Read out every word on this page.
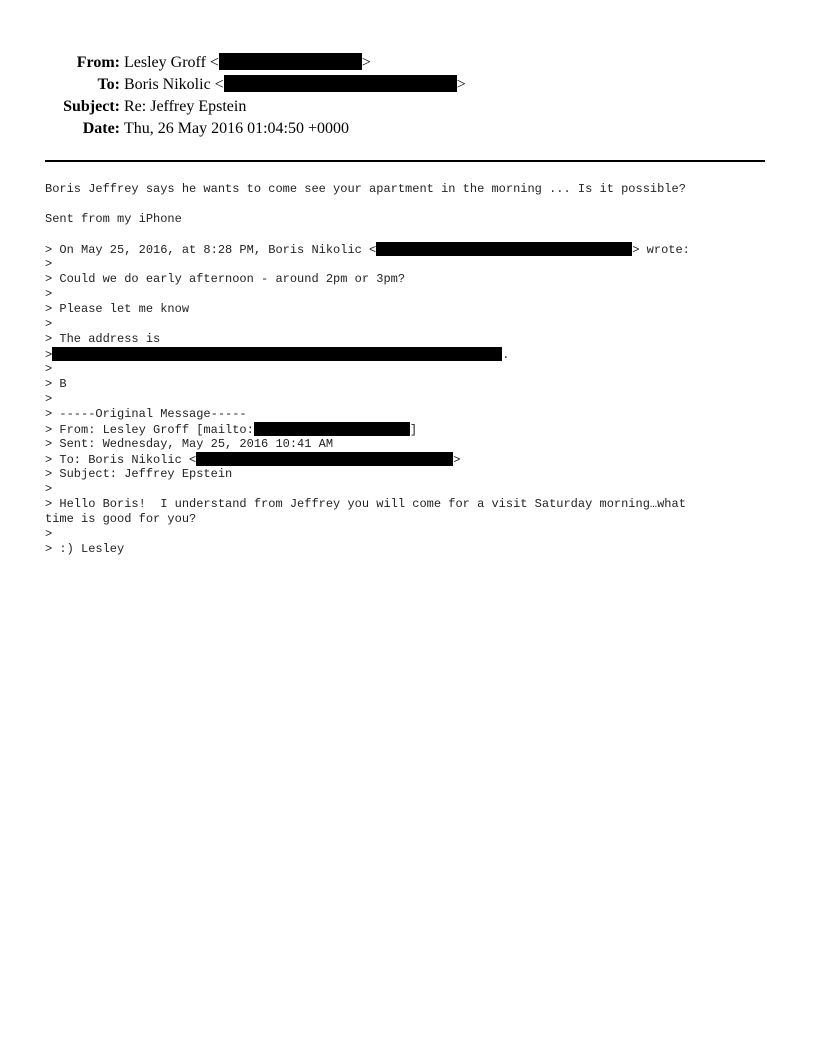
From: Lesley Groff <	>
To: Boris Nikolic <	>
Subject: Re: Jeffrey Epstein
Date: Thu, 26 May 2016 01:04:50 +0000
Boris Jeffrey says he wants to come see your apartment in the morning ... Is it possible?
Sent from my iPhone
> On May 25, 2016, at 8:28 PM, Boris Nikolic <	> wrote:
>
> Could we do early afternoon - around 2pm or 3pm?
>
> Please let me know
>
> The address is
>	.
>
> B
>
> -----Original Message-----
> From: Lesley Groff [mailto:	]
> Sent: Wednesday, May 25, 2016 10:41 AM
> To: Boris Nikolic <	>
> Subject: Jeffrey Epstein
>
> Hello Boris!  I understand from Jeffrey you will come for a visit Saturday morning…what
time is good for you?
>
> :) Lesley
